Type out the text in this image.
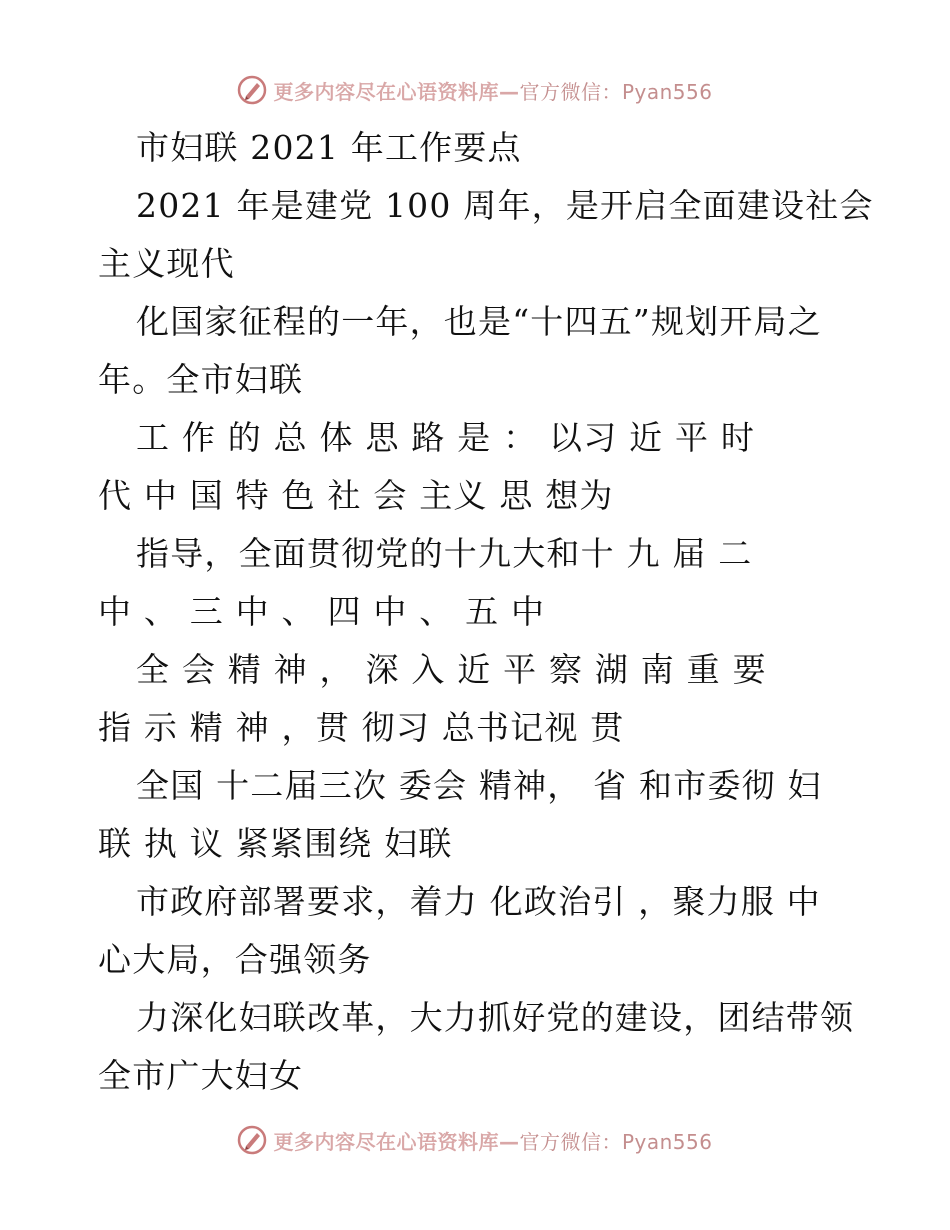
更多内容尽在心语资料库—官方微信：Pyan556
市妇联 2021 年工作要点
2021 年是建党 100 周年，是开启全面建设社会
主义现代
化国家征程的一年，也是“十四五”规划开局之
年。全市妇联
工 作 的 总 体 思 路 是 ： 以习 近 平 时
代 中 国 特 色 社 会 主义 思 想为
指导，全面贯彻党的十九大和十 九 届 二
中 、 三 中 、 四 中 、 五 中
全 会 精 神 ， 深 入 近 平 察 湖 南 重 要
指 示 精 神 ，贯 彻习 总书记视 贯
全国 十二届三次 委会 精神， 省 和市委彻 妇
联 执 议 紧紧围绕 妇联
市政府部署要求，着力 化政治引 ，聚力服 中
心大局，合强领务
力深化妇联改革，大力抓好党的建设，团结带领
全市广大妇女
更多内容尽在心语资料库—官方微信：Pyan556
